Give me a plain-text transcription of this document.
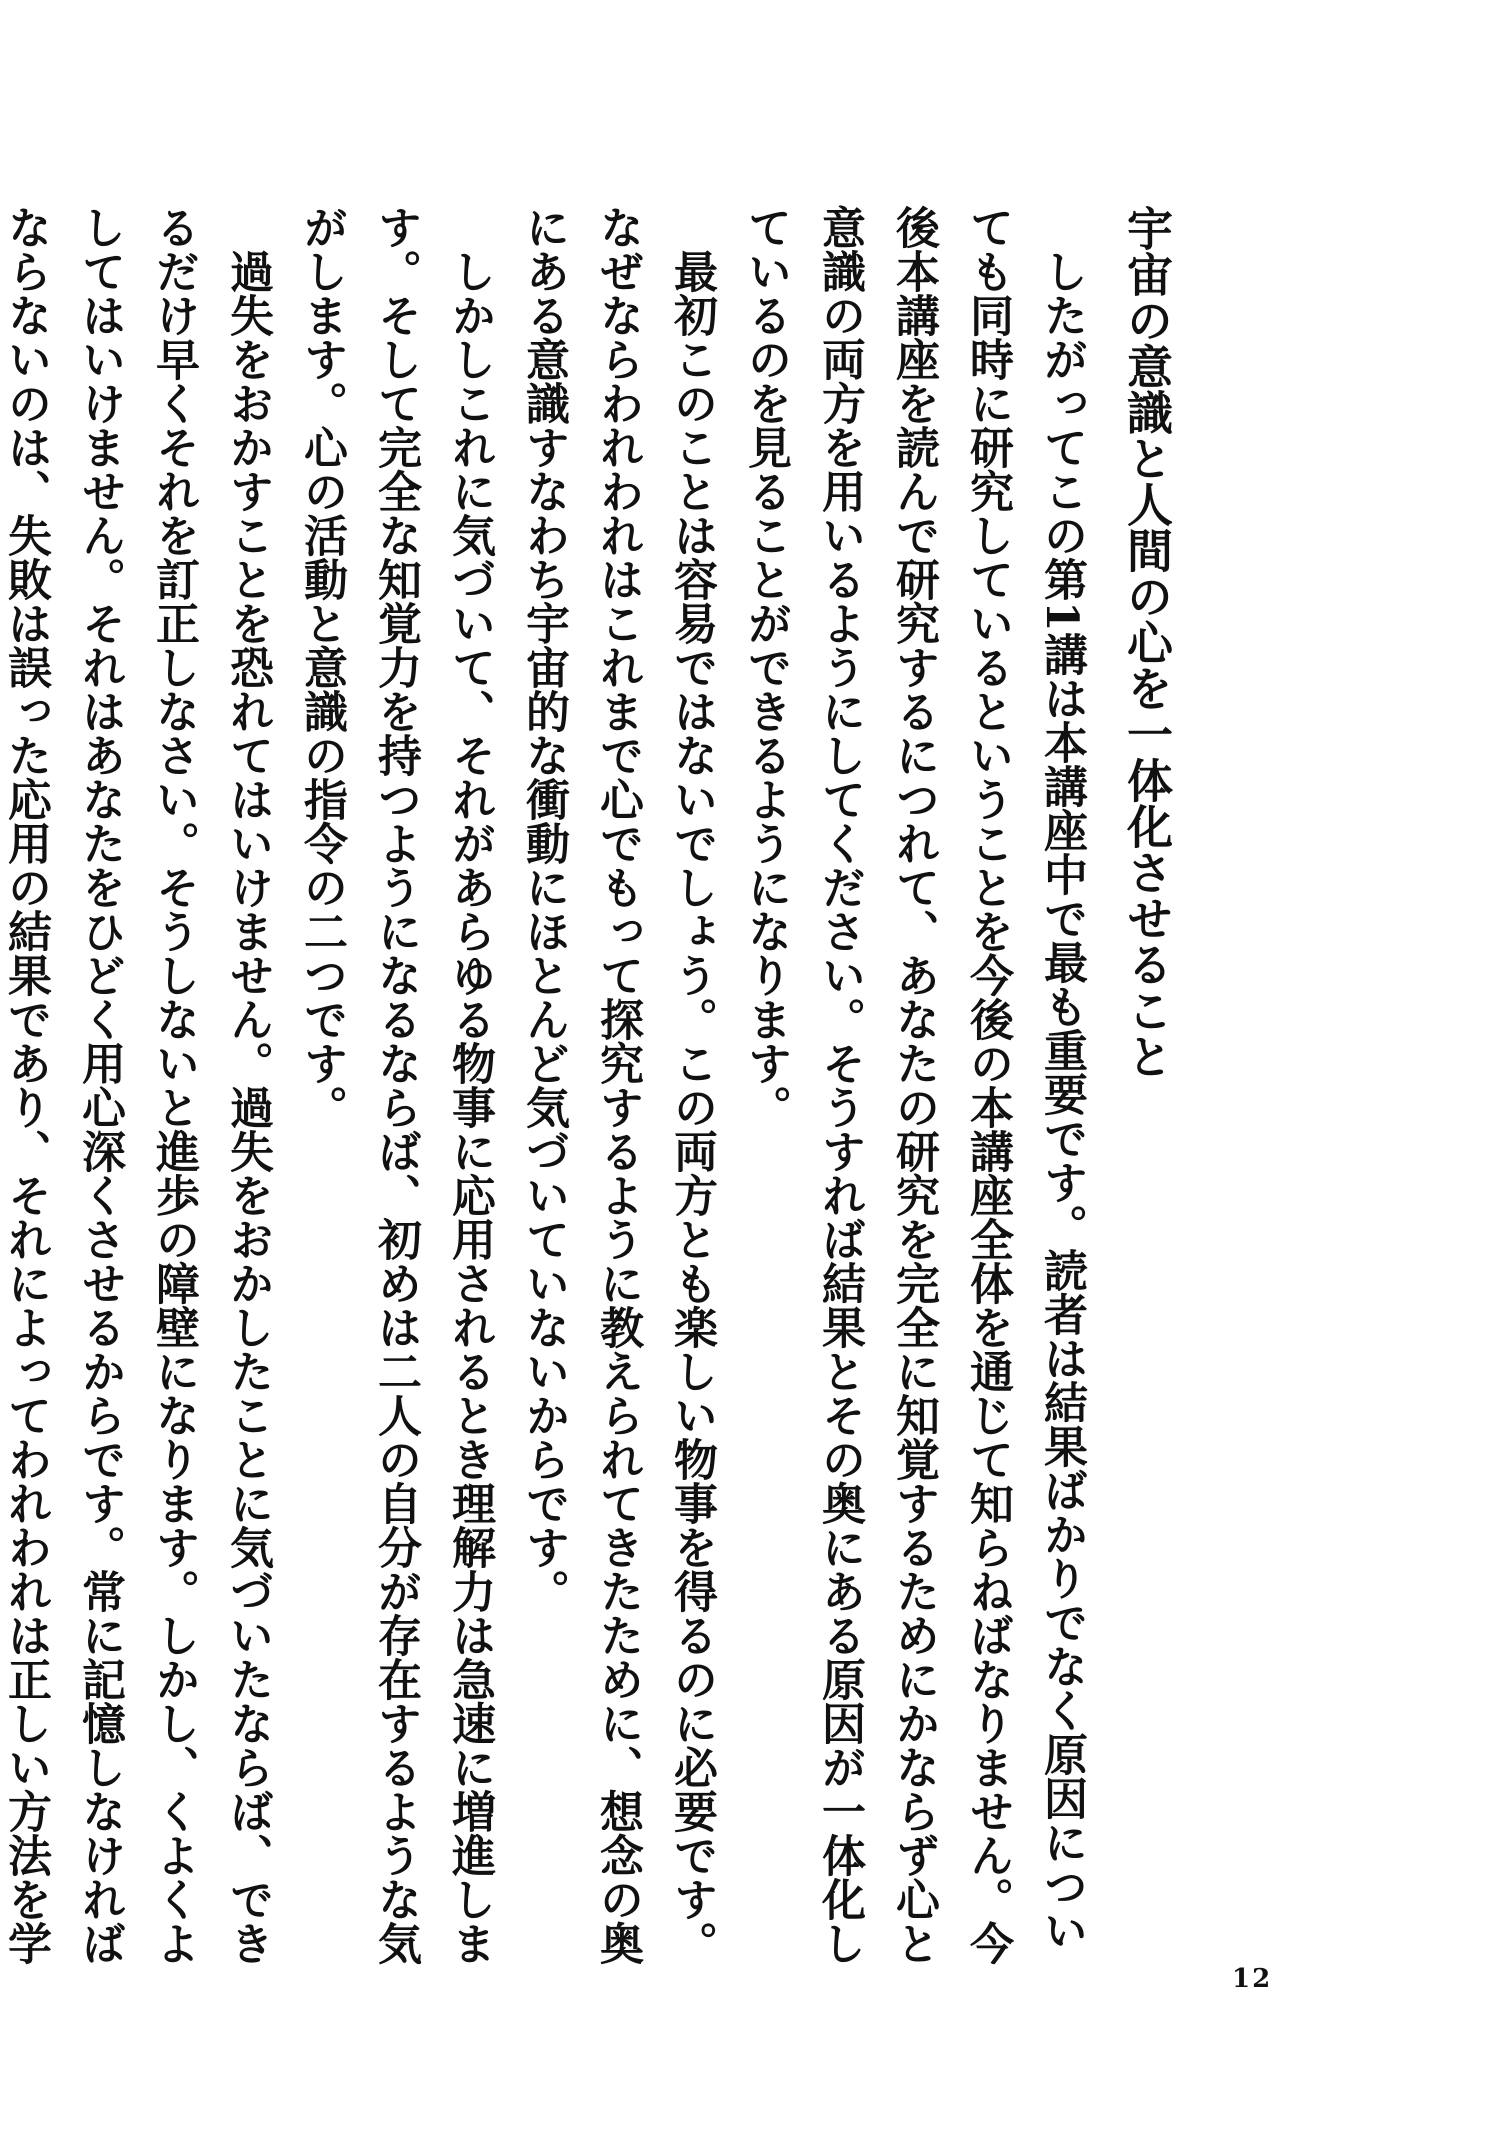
宇宙の意識と人間の心を一体化させること
したがってこの第1講は本講座中で最も重要です。読者は結果ばかりでなく原因についても同時に研究しているということを今後の本講座全体を通じて知らねばなりません。今後本講座を読んで研究するにつれて、あなたの研究を完全に知覚するためにかならず心と意識の両方を用いるようにしてください。そうすれば結果とその奥にある原因が一体化しているのを見ることができるようになります。
最初このことは容易ではないでしょう。この両方とも楽しい物事を得るのに必要です。なぜならわれわれはこれまで心でもって探究するように教えられてきたために、想念の奥にある意識すなわち宇宙的な衝動にほとんど気づいていないからです。
しかしこれに気づいて、それがあらゆる物事に応用されるとき理解力は急速に増進します。そして完全な知覚力を持つようになるならば、初めは二人の自分が存在するような気がします。心の活動と意識の指令の二つです。
過失をおかすことを恐れてはいけません。過失をおかしたことに気づいたならば、できるだけ早くそれを訂正しなさい。そうしないと進歩の障壁になります。しかし、くよくよしてはいけません。それはあなたをひどく用心深くさせるからです。常に記憶しなければならないのは、失敗は誤った応用の結果であり、それによってわれわれは正しい方法を学
12
